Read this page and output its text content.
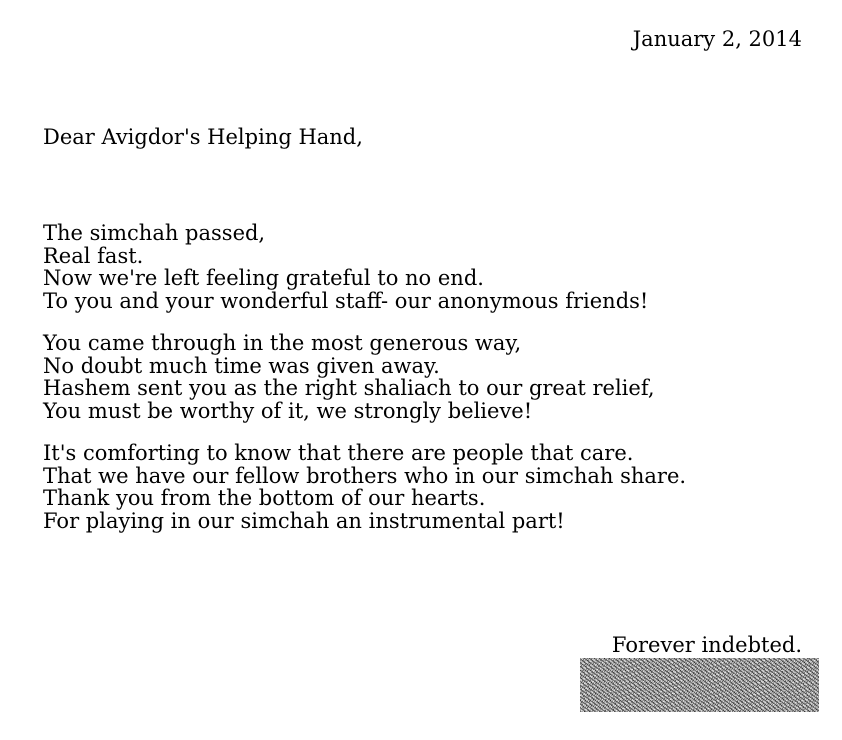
January 2, 2014
Dear Avigdor's Helping Hand,
The simchah passed,
Real fast.
Now we're left feeling grateful to no end.
To you and your wonderful staff- our anonymous friends!
You came through in the most generous way,
No doubt much time was given away.
Hashem sent you as the right shaliach to our great relief,
You must be worthy of it, we strongly believe!
It's comforting to know that there are people that care.
That we have our fellow brothers who in our simchah share.
Thank you from the bottom of our hearts.
For playing in our simchah an instrumental part!
Forever indebted.
